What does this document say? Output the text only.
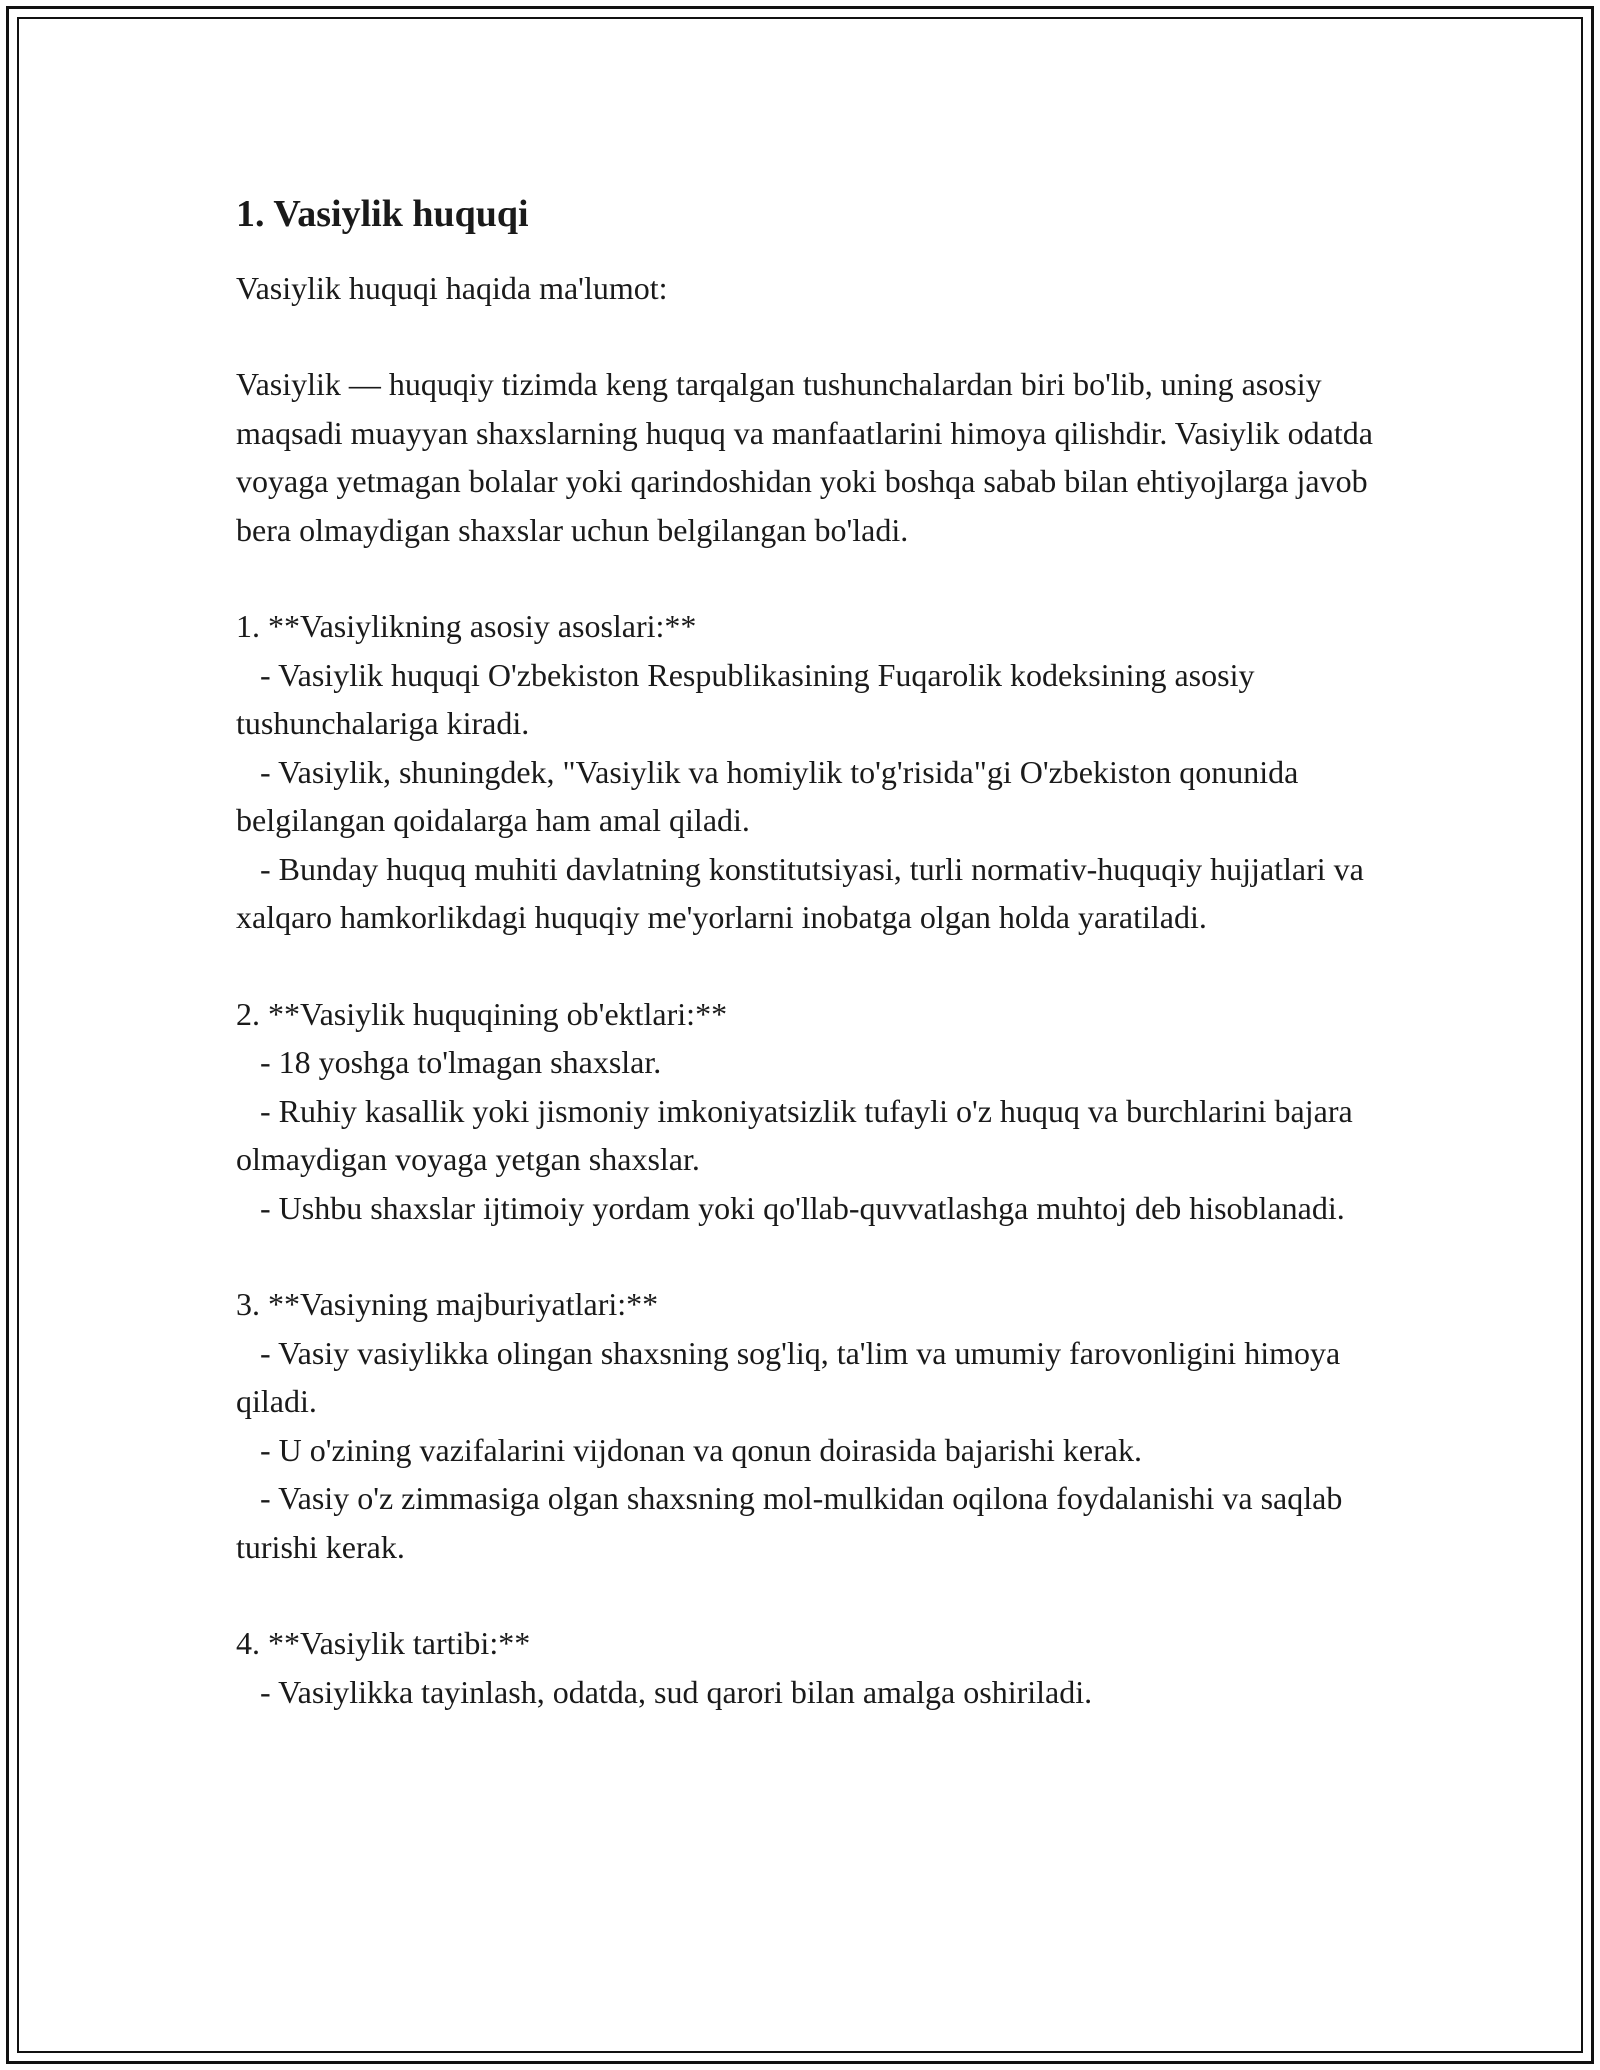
1. Vasiylik huquqi

Vasiylik huquqi haqida ma'lumot:

Vasiylik — huquqiy tizimda keng tarqalgan tushunchalardan biri bo'lib, uning asosiy maqsadi muayyan shaxslarning huquq va manfaatlarini himoya qilishdir. Vasiylik odatda voyaga yetmagan bolalar yoki qarindoshidan yoki boshqa sabab bilan ehtiyojlarga javob bera olmaydigan shaxslar uchun belgilangan bo'ladi.

1. **Vasiylikning asosiy asoslari:**

- Vasiylik huquqi O'zbekiston Respublikasining Fuqarolik kodeksining asosiy tushunchalariga kiradi.

- Vasiylik, shuningdek, "Vasiylik va homiylik to'g'risida"gi O'zbekiston qonunida belgilangan qoidalarga ham amal qiladi.

- Bunday huquq muhiti davlatning konstitutsiyasi, turli normativ-huquqiy hujjatlari va xalqaro hamkorlikdagi huquqiy me'yorlarni inobatga olgan holda yaratiladi.

2. **Vasiylik huquqining ob'ektlari:**

- 18 yoshga to'lmagan shaxslar.

- Ruhiy kasallik yoki jismoniy imkoniyatsizlik tufayli o'z huquq va burchlarini bajara olmaydigan voyaga yetgan shaxslar.

- Ushbu shaxslar ijtimoiy yordam yoki qo'llab-quvvatlashga muhtoj deb hisoblanadi.

3. **Vasiyning majburiyatlari:**

- Vasiy vasiylikka olingan shaxsning sog'liq, ta'lim va umumiy farovonligini himoya qiladi.

- U o'zining vazifalarini vijdonan va qonun doirasida bajarishi kerak.

- Vasiy o'z zimmasiga olgan shaxsning mol-mulkidan oqilona foydalanishi va saqlab turishi kerak.

4. **Vasiylik tartibi:**

- Vasiylikka tayinlash, odatda, sud qarori bilan amalga oshiriladi.
